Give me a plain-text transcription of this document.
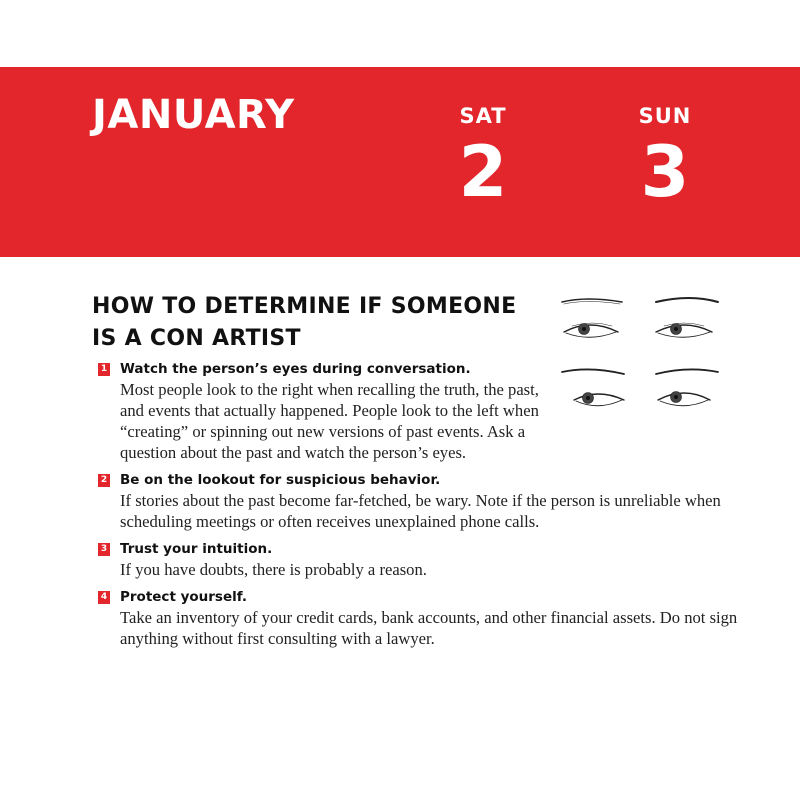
JANUARY	SAT
2
SUN
3
HOW TO DETERMINE IF SOMEONE
IS A CON ARTIST
1 Watch the person’s eyes during conversation.
Most people look to the right when recalling the truth, the past, and events that actually happened. People look to the left when “creating” or spinning out new versions of past events. Ask a question about the past and watch the person’s eyes.
2 Be on the lookout for suspicious behavior.
If stories about the past become far-fetched, be wary. Note if the person is unreliable when scheduling meetings or often receives unexplained phone calls.
3 Trust your intuition.
If you have doubts, there is probably a reason.
4 Protect yourself.
Take an inventory of your credit cards, bank accounts, and other financial assets. Do not sign anything without first consulting with a lawyer.
